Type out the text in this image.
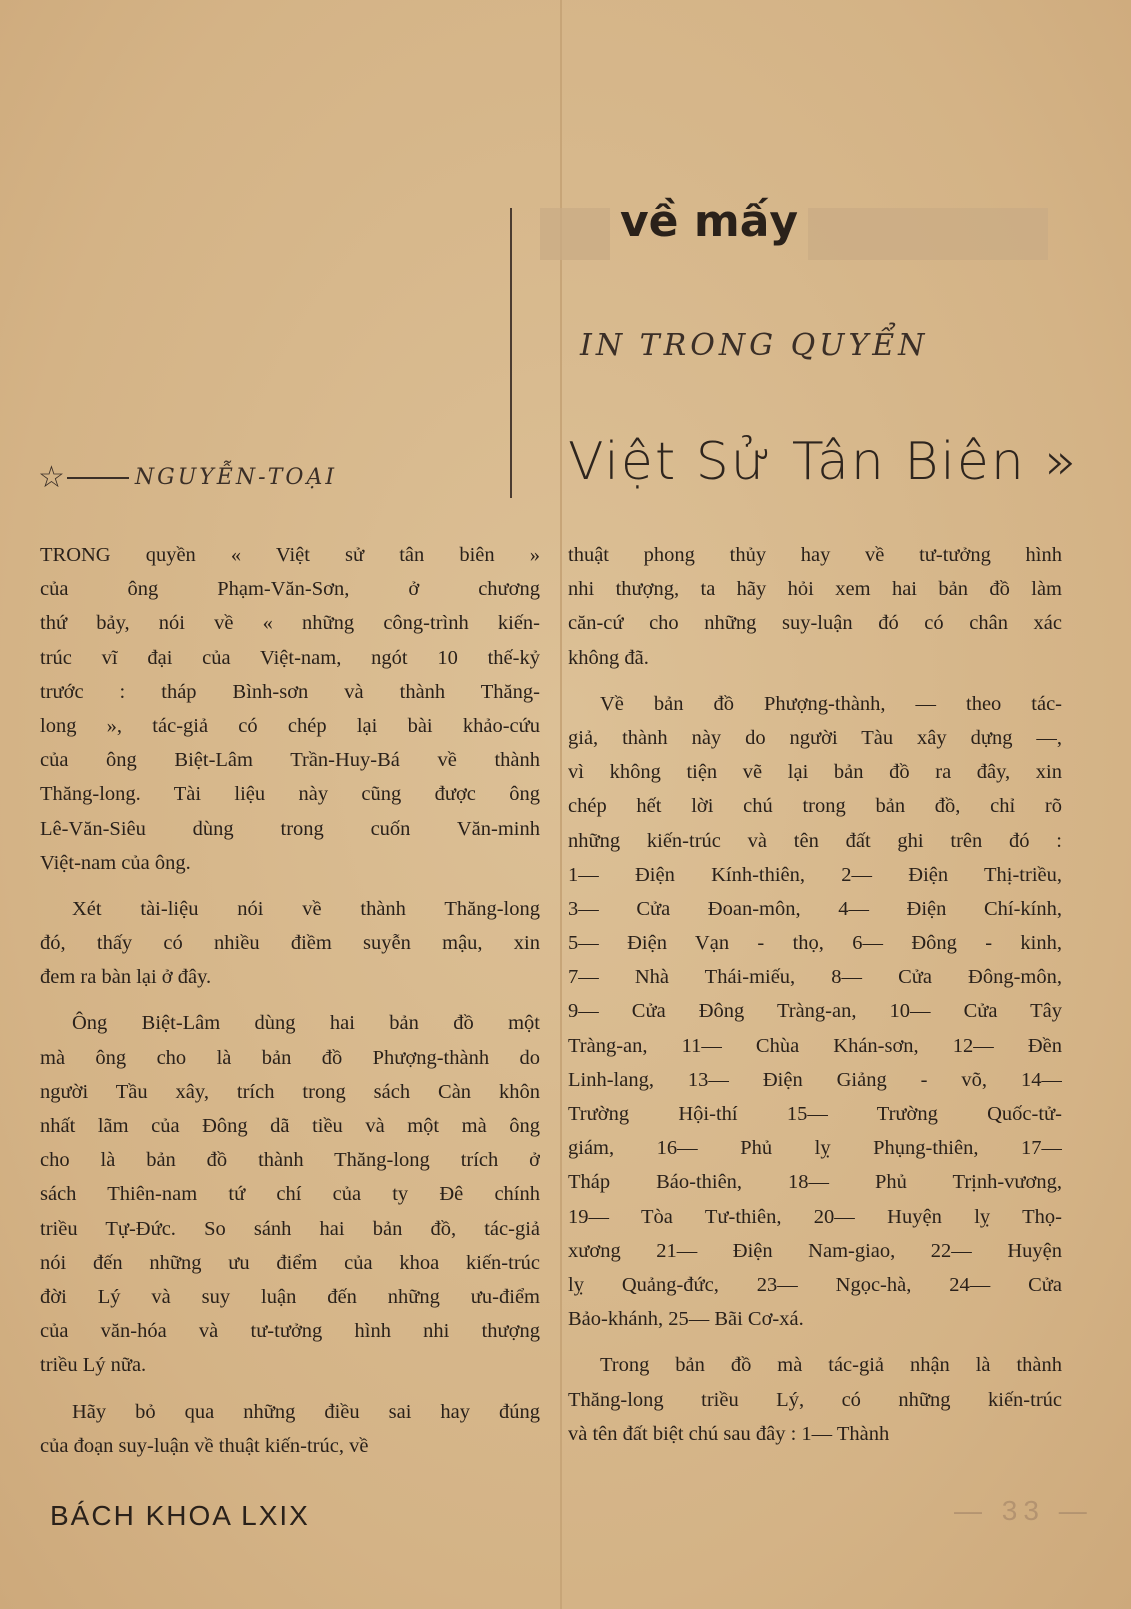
về mấy
IN TRONG QUYỂN
Việt Sử Tân Biên »
☆	NGUYỄN-TOẠI

TRONG quyền « Việt sử tân biên »
của ông Phạm-Văn-Sơn, ở chương
thứ bảy, nói về « những công-trình kiến-
trúc vĩ đại của Việt-nam, ngót 10 thế-kỷ
trước : tháp Bình-sơn và thành Thăng-
long », tác-giả có chép lại bài khảo-cứu
của ông Biệt-Lâm Trần-Huy-Bá về thành
Thăng-long. Tài liệu này cũng được ông
Lê-Văn-Siêu dùng trong cuốn Văn-minh
Việt-nam của ông.

Xét tài-liệu nói về thành Thăng-long
đó, thấy có nhiều điềm suyễn mậu, xin
đem ra bàn lại ở đây.

Ông Biệt-Lâm dùng hai bản đồ một
mà ông cho là bản đồ Phượng-thành do
người Tầu xây, trích trong sách Càn khôn
nhất lãm của Đông dã tiều và một mà ông
cho là bản đồ thành Thăng-long trích ở
sách Thiên-nam tứ chí của ty Đê chính
triều Tự-Đức. So sánh hai bản đồ, tác-giả
nói đến những ưu điểm của khoa kiến-trúc
đời Lý và suy luận đến những ưu-điểm
của văn-hóa và tư-tưởng hình nhi thượng
triều Lý nữa.

Hãy bỏ qua những điều sai hay đúng
của đoạn suy-luận về thuật kiến-trúc, về

thuật phong thủy hay về tư-tưởng hình
nhi thượng, ta hãy hỏi xem hai bản đồ làm
căn-cứ cho những suy-luận đó có chân xác
không đã.

Về bản đồ Phượng-thành, — theo tác-
giả, thành này do người Tàu xây dựng —,
vì không tiện vẽ lại bản đồ ra đây, xin
chép hết lời chú trong bản đồ, chỉ rõ
những kiến-trúc và tên đất ghi trên đó :
1— Điện Kính-thiên, 2— Điện Thị-triều,
3— Cửa Đoan-môn, 4— Điện Chí-kính,
5— Điện Vạn - thọ, 6— Đông - kinh,
7— Nhà Thái-miếu, 8— Cửa Đông-môn,
9— Cửa Đông Tràng-an, 10— Cửa Tây
Tràng-an, 11— Chùa Khán-sơn, 12— Đền
Linh-lang, 13— Điện Giảng - võ, 14—
Trường Hội-thí 15— Trường Quốc-tử-
giám, 16— Phủ lỵ Phụng-thiên, 17—
Tháp Báo-thiên, 18— Phủ Trịnh-vương,
19— Tòa Tư-thiên, 20— Huyện lỵ Thọ-
xương 21— Điện Nam-giao, 22— Huyện
lỵ Quảng-đức, 23— Ngọc-hà, 24— Cửa
Bảo-khánh, 25— Bãi Cơ-xá.

Trong bản đồ mà tác-giả nhận là thành
Thăng-long triều Lý, có những kiến-trúc
và tên đất biệt chú sau đây : 1— Thành

BÁCH KHOA LXIX	— 33 —
